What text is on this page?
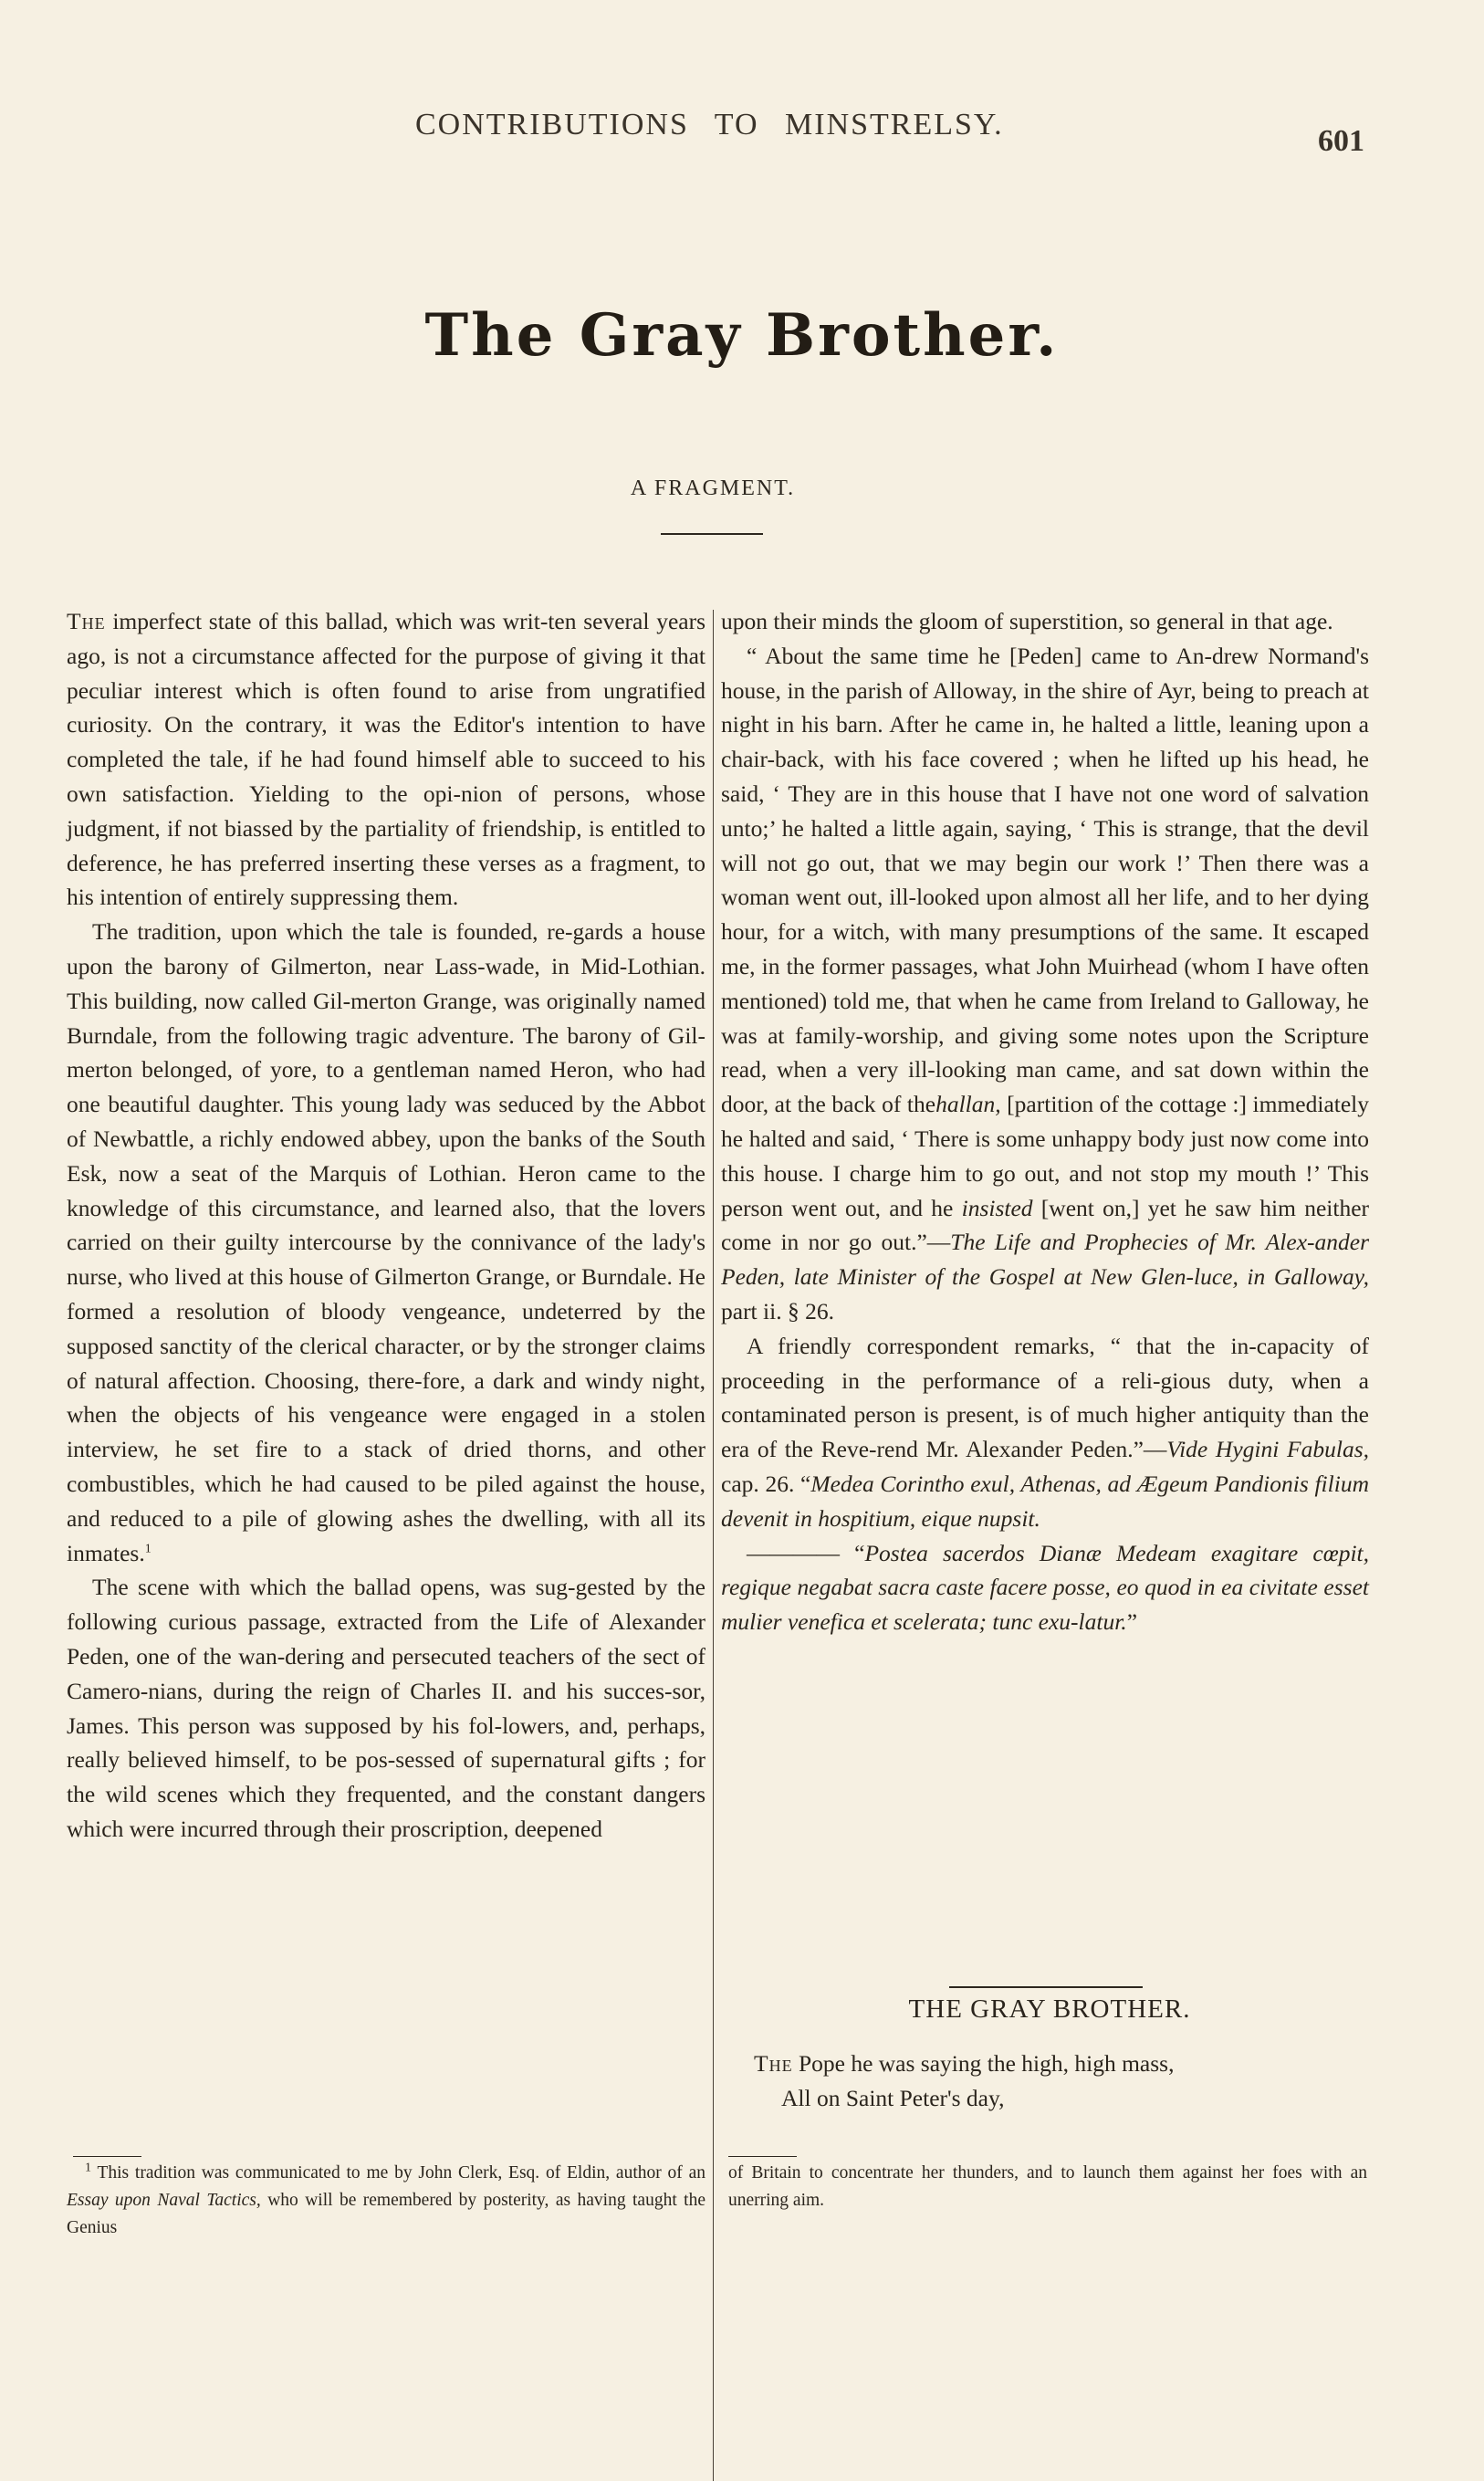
CONTRIBUTIONS TO MINSTRELSY.	601
The Gray Brother.
A FRAGMENT.

The imperfect state of this ballad, which was writ-ten several years ago, is not a circumstance affected for the purpose of giving it that peculiar interest which is often found to arise from ungratified curiosity. On the contrary, it was the Editor's intention to have completed the tale, if he had found himself able to succeed to his own satisfaction. Yielding to the opi-nion of persons, whose judgment, if not biassed by the partiality of friendship, is entitled to deference, he has preferred inserting these verses as a fragment, to his intention of entirely suppressing them.

The tradition, upon which the tale is founded, re-gards a house upon the barony of Gilmerton, near Lass-wade, in Mid-Lothian. This building, now called Gil-merton Grange, was originally named Burndale, from the following tragic adventure. The barony of Gil-merton belonged, of yore, to a gentleman named Heron, who had one beautiful daughter. This young lady was seduced by the Abbot of Newbattle, a richly endowed abbey, upon the banks of the South Esk, now a seat of the Marquis of Lothian. Heron came to the knowledge of this circumstance, and learned also, that the lovers carried on their guilty intercourse by the connivance of the lady's nurse, who lived at this house of Gilmerton Grange, or Burndale. He formed a resolution of bloody vengeance, undeterred by the supposed sanctity of the clerical character, or by the stronger claims of natural affection. Choosing, there-fore, a dark and windy night, when the objects of his vengeance were engaged in a stolen interview, he set fire to a stack of dried thorns, and other combustibles, which he had caused to be piled against the house, and reduced to a pile of glowing ashes the dwelling, with all its inmates.$^1$

The scene with which the ballad opens, was sug-gested by the following curious passage, extracted from the Life of Alexander Peden, one of the wan-dering and persecuted teachers of the sect of Camero-nians, during the reign of Charles II. and his succes-sor, James. This person was supposed by his fol-lowers, and, perhaps, really believed himself, to be pos-sessed of supernatural gifts ; for the wild scenes which they frequented, and the constant dangers which were incurred through their proscription, deepened

upon their minds the gloom of superstition, so general in that age.

“ About the same time he [Peden] came to An-drew Normand's house, in the parish of Alloway, in the shire of Ayr, being to preach at night in his barn. After he came in, he halted a little, leaning upon a chair-back, with his face covered ; when he lifted up his head, he said, ‘ They are in this house that I have not one word of salvation unto;’ he halted a little again, saying, ‘ This is strange, that the devil will not go out, that we may begin our work !’ Then there was a woman went out, ill-looked upon almost all her life, and to her dying hour, for a witch, with many presumptions of the same. It escaped me, in the former passages, what John Muirhead (whom I have often mentioned) told me, that when he came from Ireland to Galloway, he was at family-worship, and giving some notes upon the Scripture read, when a very ill-looking man came, and sat down within the door, at the back of thehallan, [partition of the cottage :] immediately he halted and said, ‘ There is some unhappy body just now come into this house. I charge him to go out, and not stop my mouth !’ This person went out, and he insisted [went on,] yet he saw him neither come in nor go out.”—The Life and Prophecies of Mr. Alex-ander Peden, late Minister of the Gospel at New Glen-luce, in Galloway, part ii. § 26.

A friendly correspondent remarks, “ that the in-capacity of proceeding in the performance of a reli-gious duty, when a contaminated person is present, is of much higher antiquity than the era of the Reve-rend Mr. Alexander Peden.”—Vide Hygini Fabulas, cap. 26. “Medea Corintho exul, Athenas, ad Ægeum Pandionis filium devenit in hospitium, eique nupsit.

———— “Postea sacerdos Dianæ Medeam exagitare cœpit, regique negabat sacra caste facere posse, eo quod in ea civitate esset mulier venefica et scelerata; tunc exu-latur.”

THE GRAY BROTHER.
The Pope he was saying the high, high mass,
All on Saint Peter's day,

$^1$ This tradition was communicated to me by John Clerk, Esq. of Eldin, author of an Essay upon Naval Tactics, who will be remembered by posterity, as having taught the Genius

of Britain to concentrate her thunders, and to launch them against her foes with an unerring aim.
